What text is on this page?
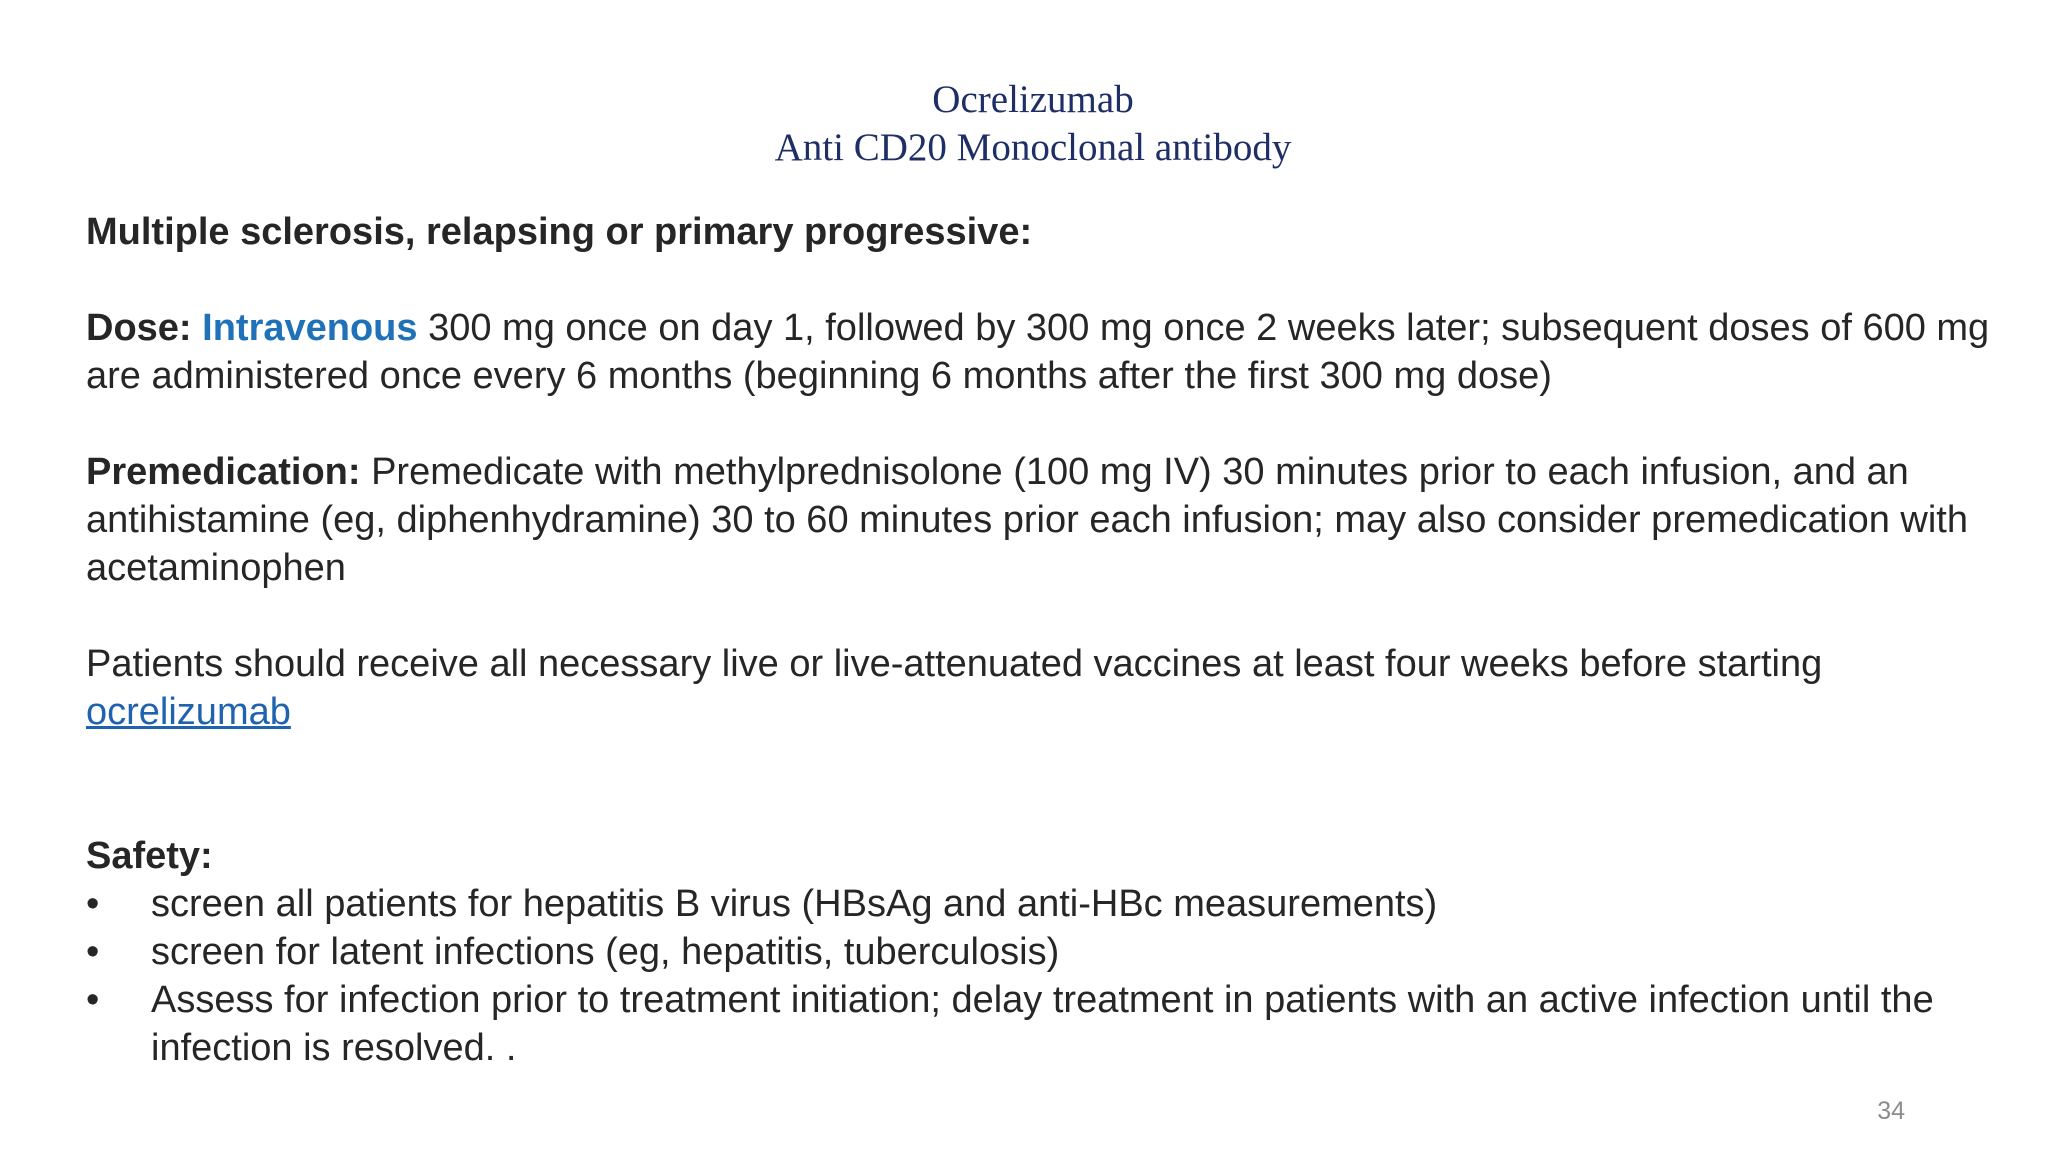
Ocrelizumab
Anti CD20 Monoclonal antibody

Multiple sclerosis, relapsing or primary progressive:

Dose: Intravenous 300 mg once on day 1, followed by 300 mg once 2 weeks later; subsequent doses of 600 mg are administered once every 6 months (beginning 6 months after the first 300 mg dose)

Premedication: Premedicate with methylprednisolone (100 mg IV) 30 minutes prior to each infusion, and an antihistamine (eg, diphenhydramine) 30 to 60 minutes prior each infusion; may also consider premedication with acetaminophen

Patients should receive all necessary live or live-attenuated vaccines at least four weeks before starting ocrelizumab

Safety:

•	screen all patients for hepatitis B virus (HBsAg and anti-HBc measurements)
•	screen for latent infections (eg, hepatitis, tuberculosis)
•	Assess for infection prior to treatment initiation; delay treatment in patients with an active infection until the infection is resolved. .
34
